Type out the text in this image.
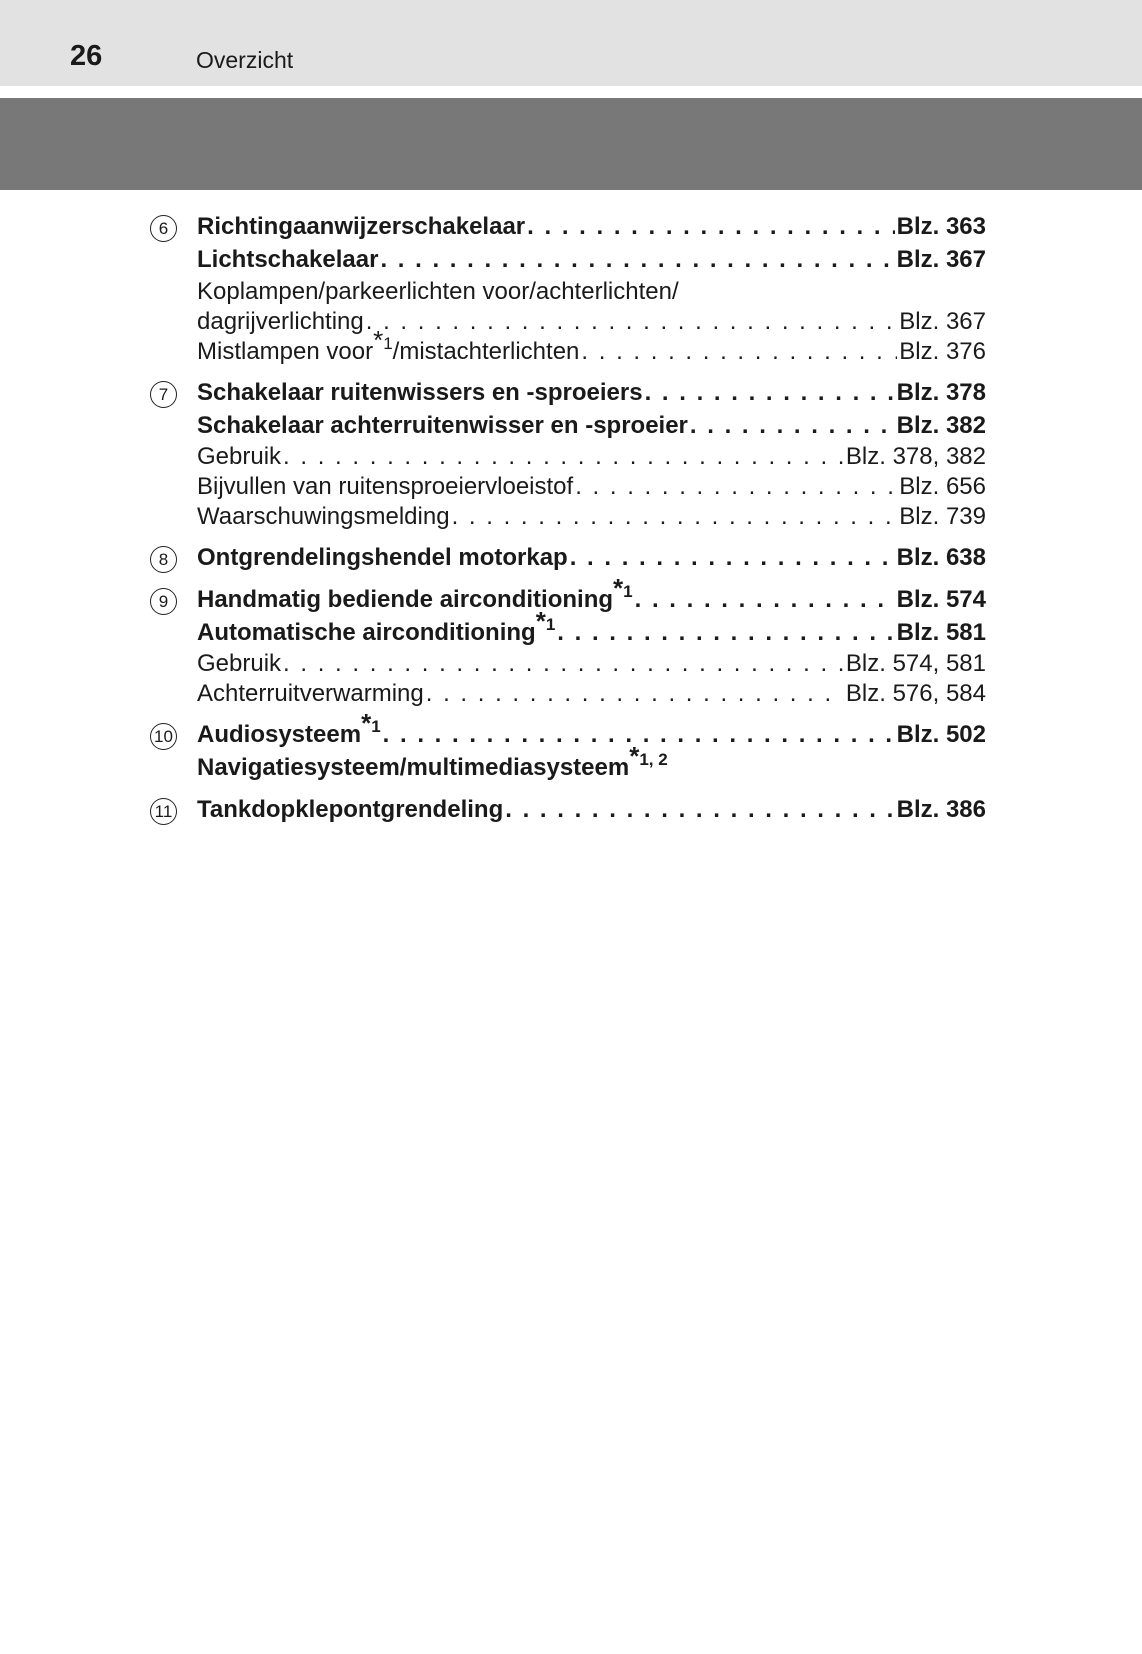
26	Overzicht
6	Richtingaanwijzerschakelaar . . .	Blz. 363
Lichtschakelaar . . .	Blz. 367
Koplampen/parkeerlichten voor/achterlichten/
dagrijverlichting . . .	Blz. 367
Mistlampen voor$^{*1}$/mistachterlichten . . .	Blz. 376
7	Schakelaar ruitenwissers en -sproeiers . . .	Blz. 378
Schakelaar achterruitenwisser en -sproeier . . .	Blz. 382
Gebruik . . .	Blz. 378, 382
Bijvullen van ruitensproeiervloeistof . . .	Blz. 656
Waarschuwingsmelding . . .	Blz. 739
8	Ontgrendelingshendel motorkap . . .	Blz. 638
9	Handmatig bediende airconditioning$^{*1}$ . . .	Blz. 574
Automatische airconditioning$^{*1}$ . . .	Blz. 581
Gebruik . . .	Blz. 574, 581
Achterruitverwarming . . .	Blz. 576, 584
10 Audiosysteem$^{*1}$ . . .	Blz. 502
Navigatiesysteem/multimediasysteem$^{*1, 2}$
11 Tankdopklepontgrendeling . . .	Blz. 386
